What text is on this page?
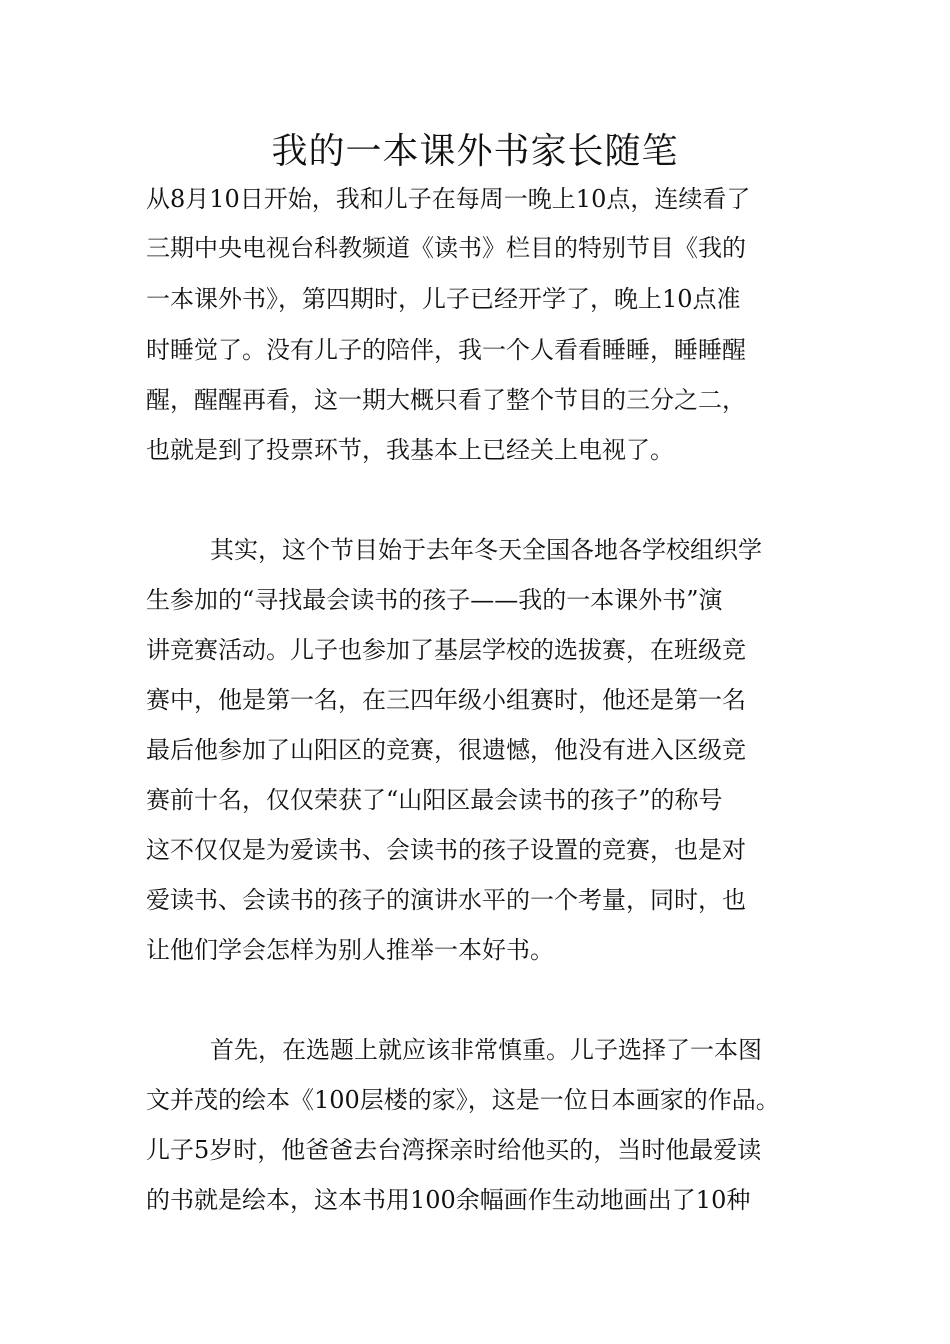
我的一本课外书家长随笔

从8月10日开始，我和儿子在每周一晚上10点，连续看了

三期中央电视台科教频道《读书》栏目的特别节目《我的

一本课外书》，第四期时，儿子已经开学了，晚上10点准

时睡觉了。没有儿子的陪伴，我一个人看看睡睡，睡睡醒

醒，醒醒再看，这一期大概只看了整个节目的三分之二，

也就是到了投票环节，我基本上已经关上电视了。

其实，这个节目始于去年冬天全国各地各学校组织学

生参加的“寻找最会读书的孩子——我的一本课外书”演

讲竞赛活动。儿子也参加了基层学校的选拔赛，在班级竞

赛中，他是第一名，在三四年级小组赛时，他还是第一名

最后他参加了山阳区的竞赛，很遗憾，他没有进入区级竞

赛前十名，仅仅荣获了“山阳区最会读书的孩子”的称号

这不仅仅是为爱读书、会读书的孩子设置的竞赛，也是对

爱读书、会读书的孩子的演讲水平的一个考量，同时，也

让他们学会怎样为别人推举一本好书。

首先，在选题上就应该非常慎重。儿子选择了一本图

文并茂的绘本《100层楼的家》，这是一位日本画家的作品。

儿子5岁时，他爸爸去台湾探亲时给他买的，当时他最爱读

的书就是绘本，这本书用100余幅画作生动地画出了10种
